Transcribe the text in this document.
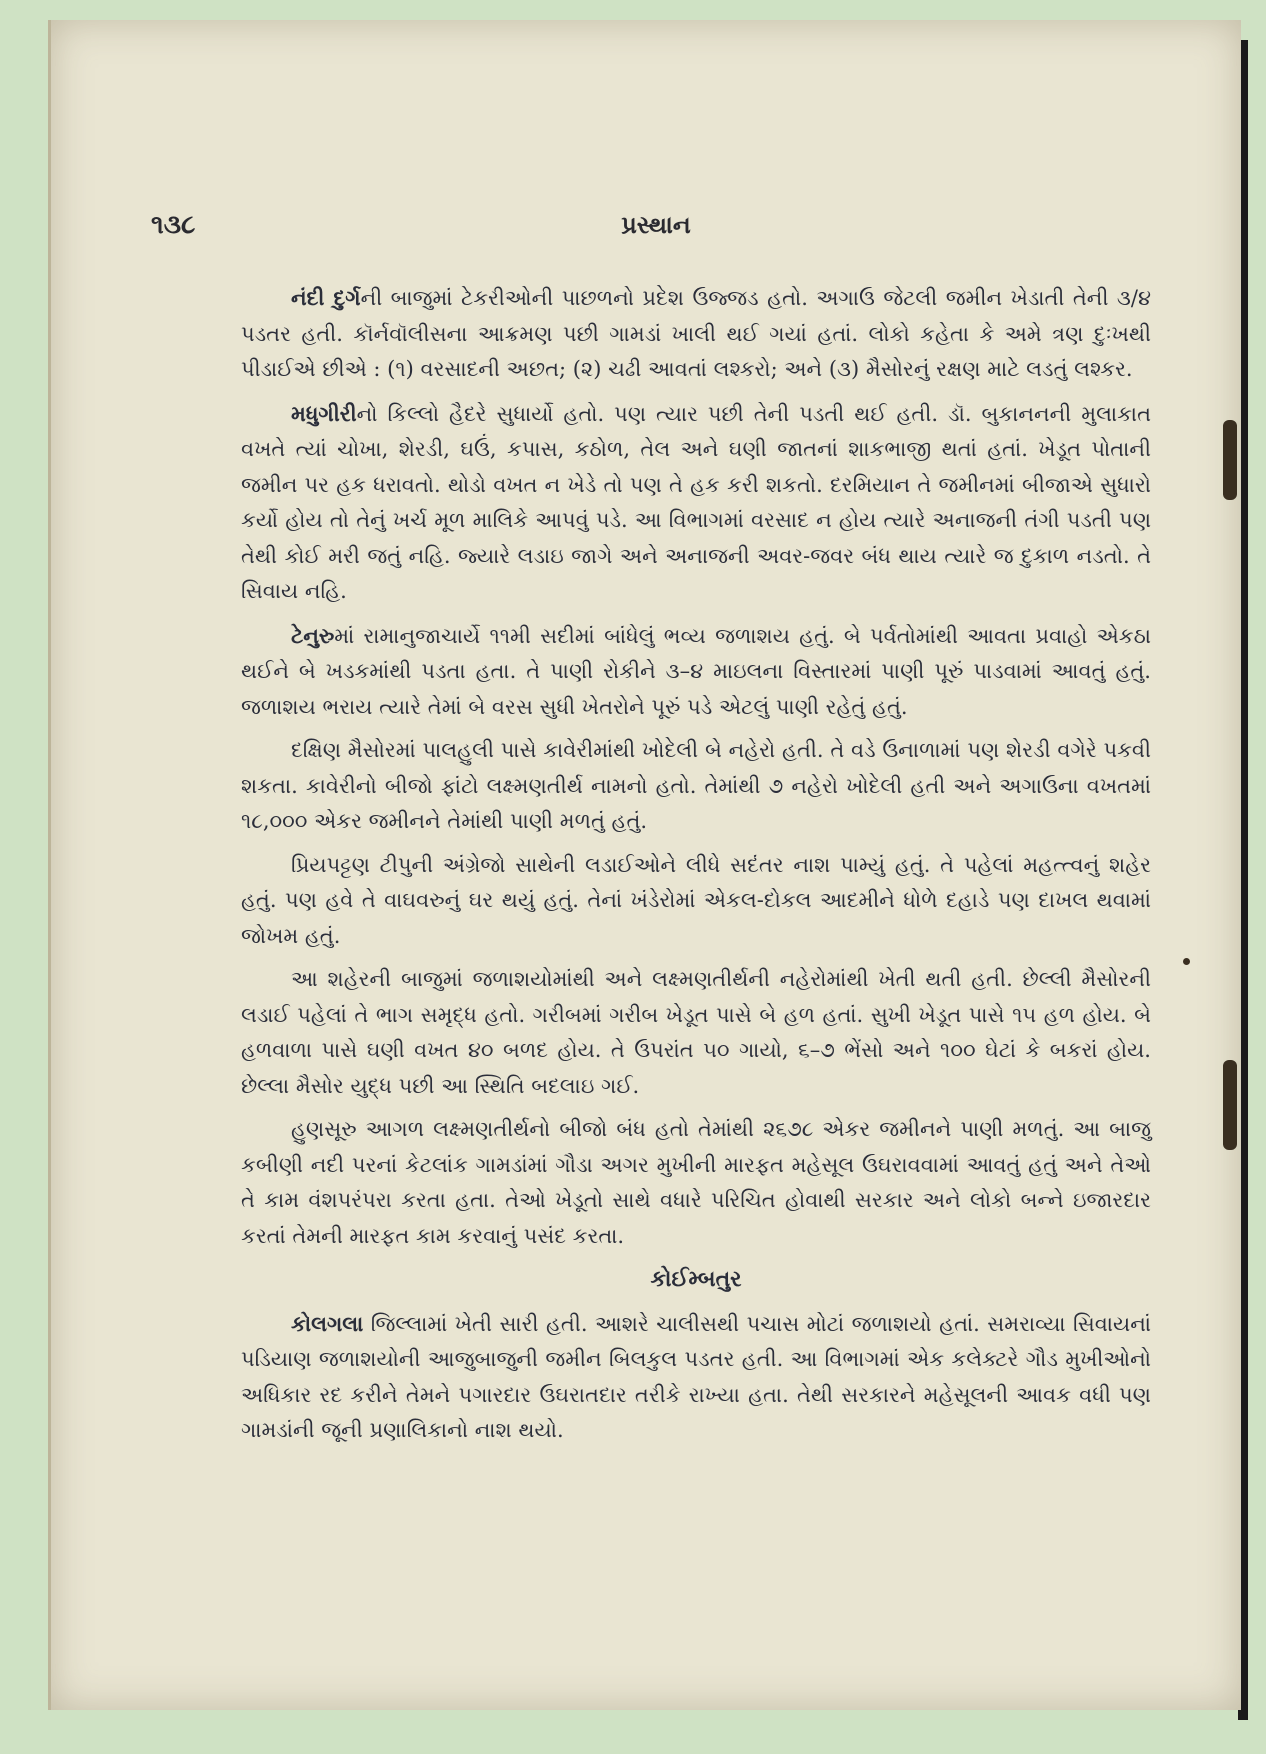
૧૩૮	પ્રસ્થાન

નંદી દુર્ગની બાજુમાં ટેકરીઓની પાછળનો પ્રદેશ ઉજ્જડ હતો. અગાઉ જેટલી જમીન ખેડાતી તેની ૩/૪ પડતર હતી. કૉર્નવૉલીસના આક્રમણ પછી ગામડાં ખાલી થઈ ગયાં હતાં. લોકો કહેતા કે અમે ત્રણ દુઃખથી પીડાઈએ છીએ : (૧) વરસાદની અછત; (૨) ચઢી આવતાં લશ્કરો; અને (૩) મૈસોરનું રક્ષણ માટે લડતું લશ્કર.

મધુગીરીનો કિલ્લો હૈદરે સુધાર્યો હતો. પણ ત્યાર પછી તેની પડતી થઈ હતી. ડૉ. બુકાનનની મુલાકાત વખતે ત્યાં ચોખા, શેરડી, ઘઉં, કપાસ, કઠોળ, તેલ અને ઘણી જાતનાં શાકભાજી થતાં હતાં. ખેડૂત પોતાની જમીન પર હક ધરાવતો. થોડો વખત ન ખેડે તો પણ તે હક કરી શકતો. દરમિયાન તે જમીનમાં બીજાએ સુધારો કર્યો હોય તો તેનું ખર્ચ મૂળ માલિકે આપવું પડે. આ વિભાગમાં વરસાદ ન હોય ત્યારે અનાજની તંગી પડતી પણ તેથી કોઈ મરી જતું નહિ. જ્યારે લડાઇ જાગે અને અનાજની અવર-જવર બંધ થાય ત્યારે જ દુકાળ નડતો. તે સિવાય નહિ.

ટેનુરુમાં રામાનુજાચાર્યે ૧૧મી સદીમાં બાંધેલું ભવ્ય જળાશય હતું. બે પર્વતોમાંથી આવતા પ્રવાહો એકઠા થઈને બે ખડકમાંથી પડતા હતા. તે પાણી રોકીને ૩–૪ માઇલના વિસ્તારમાં પાણી પૂરું પાડવામાં આવતું હતું. જળાશય ભરાય ત્યારે તેમાં બે વરસ સુધી ખેતરોને પૂરું પડે એટલું પાણી રહેતું હતું.

દક્ષિણ મૈસોરમાં પાલહુલી પાસે કાવેરીમાંથી ખોદેલી બે નહેરો હતી. તે વડે ઉનાળામાં પણ શેરડી વગેરે પકવી શકતા. કાવેરીનો બીજો ફાંટો લક્ષ્મણતીર્થ નામનો હતો. તેમાંથી ૭ નહેરો ખોદેલી હતી અને અગાઉના વખતમાં ૧૮,૦૦૦ એકર જમીનને તેમાંથી પાણી મળતું હતું.

પ્રિયપટ્ટણ ટીપુની અંગ્રેજો સાથેની લડાઈઓને લીધે સદંતર નાશ પામ્યું હતું. તે પહેલાં મહત્ત્વનું શહેર હતું. પણ હવે તે વાઘવરુનું ઘર થયું હતું. તેનાં ખંડેરોમાં એકલ-દોકલ આદમીને ધોળે દહાડે પણ દાખલ થવામાં જોખમ હતું.

આ શહેરની બાજુમાં જળાશયોમાંથી અને લક્ષ્મણતીર્થની નહેરોમાંથી ખેતી થતી હતી. છેલ્લી મૈસોરની લડાઈ પહેલાં તે ભાગ સમૃદ્ધ હતો. ગરીબમાં ગરીબ ખેડૂત પાસે બે હળ હતાં. સુખી ખેડૂત પાસે ૧૫ હળ હોય. બે હળવાળા પાસે ઘણી વખત ૪૦ બળદ હોય. તે ઉપરાંત ૫૦ ગાયો, ૬–૭ ભેંસો અને ૧૦૦ ઘેટાં કે બકરાં હોય. છેલ્લા મૈસોર યુદ્ધ પછી આ સ્થિતિ બદલાઇ ગઈ.

હુણસૂરુ આગળ લક્ષ્મણતીર્થનો બીજો બંધ હતો તેમાંથી ૨૬૭૮ એકર જમીનને પાણી મળતું. આ બાજુ કબીણી નદી પરનાં કેટલાંક ગામડાંમાં ગૌડા અગર મુખીની મારફત મહેસૂલ ઉઘરાવવામાં આવતું હતું અને તેઓ તે કામ વંશપરંપરા કરતા હતા. તેઓ ખેડૂતો સાથે વધારે પરિચિત હોવાથી સરકાર અને લોકો બન્ને ઇજારદાર કરતાં તેમની મારફત કામ કરવાનું પસંદ કરતા.

કોઈમ્બતુર

કોલગલા જિલ્લામાં ખેતી સારી હતી. આશરે ચાલીસથી પચાસ મોટાં જળાશયો હતાં. સમરાવ્યા સિવાયનાં પડિયાણ જળાશયોની આજુબાજુની જમીન બિલકુલ પડતર હતી. આ વિભાગમાં એક કલેક્ટરે ગૌડ મુખીઓનો અધિકાર રદ કરીને તેમને પગારદાર ઉઘરાતદાર તરીકે રાખ્યા હતા. તેથી સરકારને મહેસૂલની આવક વધી પણ ગામડાંની જૂની પ્રણાલિકાનો નાશ થયો.
